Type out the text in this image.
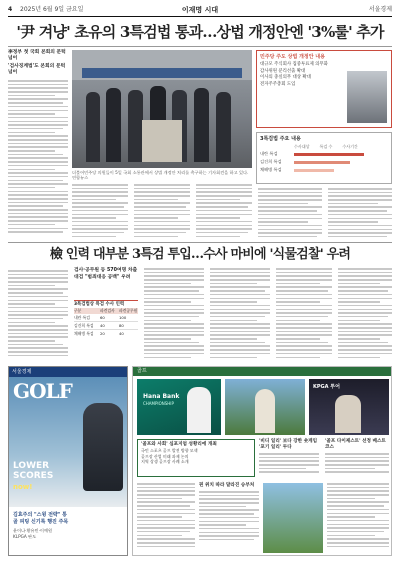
4 2025년 6월 9일 금요일	이재명 시대	서울경제
'尹 겨냥' 초유의 3특검법 통과…상법 개정안엔 '3%룰' 추가
李정부 첫 국회 본회의 문턱 넘어
'검사징계법'도 본회의 문턱 넘어
더불어민주당 의원들이 5일 국회 소통관에서 상법 개정안 처리를 촉구하는 기자회견을 하고 있다. 연합뉴스
민주당 주도 상법 개정안 내용
대규모 주식회사 집중투표제 의무화
감사위원 분리선출 확대
이사의 충실의무 대상 확대
전자주주총회 도입
3특검법 주요 내용
수사대상	특검 수	수사기간
내란 특검
김건희 특검
채해병 특검
檢 인력 대부분 3특검 투입…수사 마비에 '식물검찰' 우려
검사·공무원 등 570여명 차출 대검 "범죄대응 공백" 우려
3특검법상 특검 수사 인력
구분	파견검사	파견공무원
내란 특검	60	100
김건희 특검	40	80
채해병 특검	20	40
서울경제
GOLF
LOWER SCORES
now!
김효주의 "스윙 전략" 통
골 피팅 신기록 행진 주목
윤이나·황유민·이예원
KLPGA 판도
골프
Hana Bank
CHAMPIONSHIP
KPGA 투어
'골프와 사회' 심포지엄 성황리에 개최
국민 스포츠 골프 발전 방향 모색
골프장 산업 미래 과제 논의
지역 상생 골프장 사례 소개
'비디 일리' 보다 강한 숏게임 '포기 일리' 두다
'골프 다이제스트' 선정 베스트 코스
핀 위치 따라 달라진 승부처
